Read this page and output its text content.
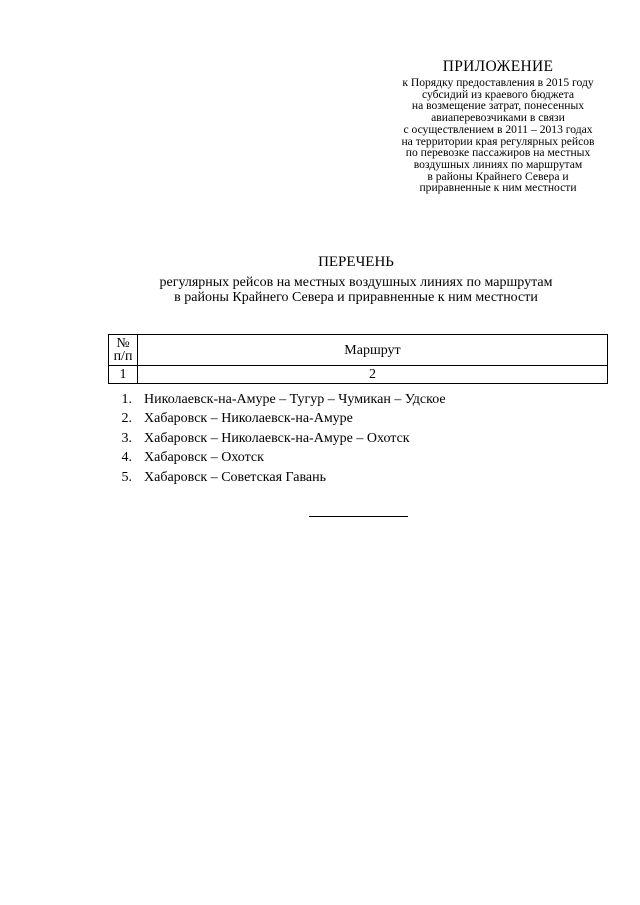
ПРИЛОЖЕНИЕ
к Порядку предоставления в 2015 году
субсидий из краевого бюджета
на возмещение затрат, понесенных
авиаперевозчиками в связи
с осуществлением в 2011 – 2013 годах
на территории края регулярных рейсов
по перевозке пассажиров на местных
воздушных линиях по маршрутам
в районы Крайнего Севера и
приравненные к ним местности
ПЕРЕЧЕНЬ
регулярных рейсов на местных воздушных линиях по маршрутам
в районы Крайнего Севера и приравненные к ним местности
№
п/п	Маршрут
1	2
1. Николаевск-на-Амуре – Тугур – Чумикан – Удское
2. Хабаровск – Николаевск-на-Амуре
3. Хабаровск – Николаевск-на-Амуре – Охотск
4. Хабаровск – Охотск
5. Хабаровск – Советская Гавань
